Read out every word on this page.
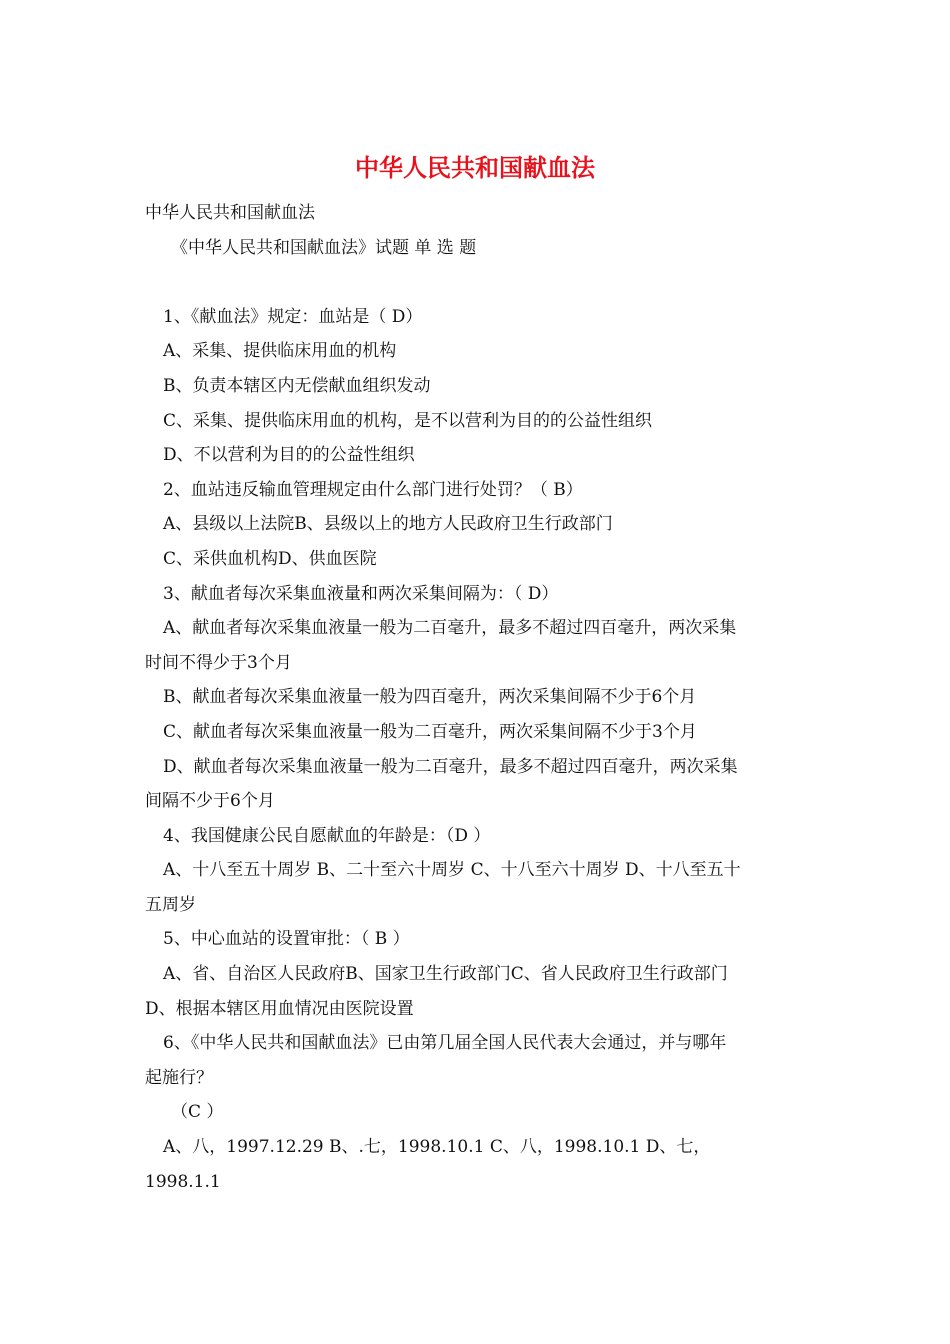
中华人民共和国献血法
中华人民共和国献血法
《中华人民共和国献血法》试题 单 选 题
1、《献血法》规定：血站是（ D）
A、采集、提供临床用血的机构
B、负责本辖区内无偿献血组织发动
C、采集、提供临床用血的机构，是不以营利为目的的公益性组织
D、不以营利为目的的公益性组织
2、血站违反输血管理规定由什么部门进行处罚？（ B）
A、县级以上法院B、县级以上的地方人民政府卫生行政部门
C、采供血机构D、供血医院
3、献血者每次采集血液量和两次采集间隔为：（ D）
A、献血者每次采集血液量一般为二百毫升，最多不超过四百毫升，两次采集
时间不得少于3个月
B、献血者每次采集血液量一般为四百毫升，两次采集间隔不少于6个月
C、献血者每次采集血液量一般为二百毫升，两次采集间隔不少于3个月
D、献血者每次采集血液量一般为二百毫升，最多不超过四百毫升，两次采集
间隔不少于6个月
4、我国健康公民自愿献血的年龄是：（D ）
A、十八至五十周岁 B、二十至六十周岁 C、十八至六十周岁 D、十八至五十
五周岁
5、中心血站的设置审批：（ B ）
A、省、自治区人民政府B、国家卫生行政部门C、省人民政府卫生行政部门
D、根据本辖区用血情况由医院设置
6、《中华人民共和国献血法》已由第几届全国人民代表大会通过，并与哪年
起施行？
（C ）
A、八，1997.12.29 B、.七，1998.10.1 C、八，1998.10.1 D、七，
1998.1.1
